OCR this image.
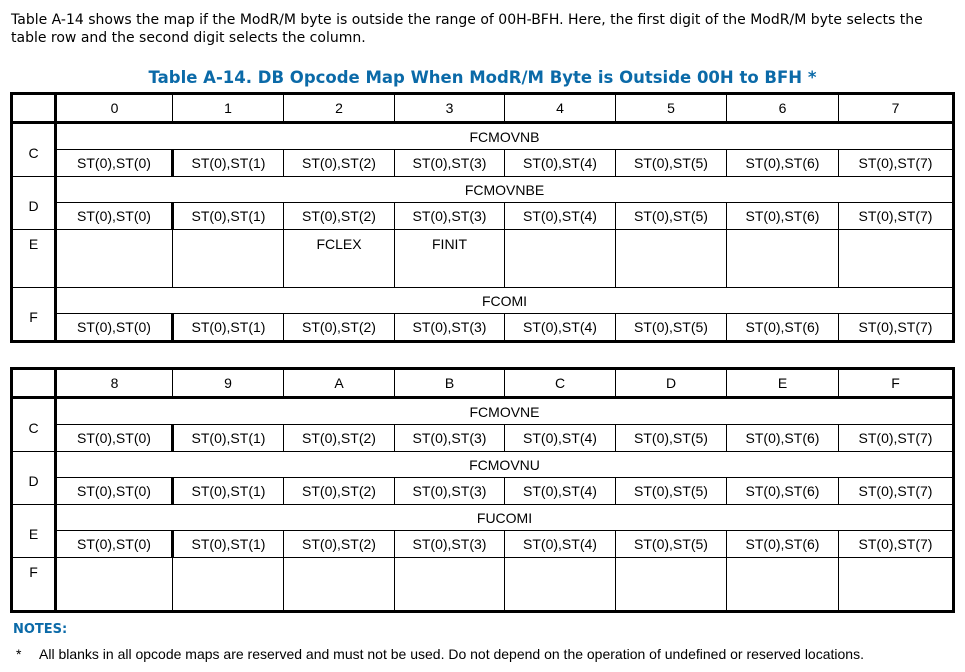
Table A-14 shows the map if the ModR/M byte is outside the range of 00H-BFH. Here, the first digit of the ModR/M byte selects the table row and the second digit selects the column.
Table A-14. DB Opcode Map When ModR/M Byte is Outside 00H to BFH *
	0	1	2	3	4	5	6	7
C	FCMOVNB							
	ST(0),ST(0)	ST(0),ST(1)	ST(0),ST(2)	ST(0),ST(3)	ST(0),ST(4)	ST(0),ST(5)	ST(0),ST(6)	ST(0),ST(7)
D	FCMOVNBE							
	ST(0),ST(0)	ST(0),ST(1)	ST(0),ST(2)	ST(0),ST(3)	ST(0),ST(4)	ST(0),ST(5)	ST(0),ST(6)	ST(0),ST(7)
E			FCLEX	FINIT				
F	FCOMI							
	ST(0),ST(0)	ST(0),ST(1)	ST(0),ST(2)	ST(0),ST(3)	ST(0),ST(4)	ST(0),ST(5)	ST(0),ST(6)	ST(0),ST(7)
	8	9	A	B	C	D	E	F
C	FCMOVNE							
	ST(0),ST(0)	ST(0),ST(1)	ST(0),ST(2)	ST(0),ST(3)	ST(0),ST(4)	ST(0),ST(5)	ST(0),ST(6)	ST(0),ST(7)
D	FCMOVNU							
	ST(0),ST(0)	ST(0),ST(1)	ST(0),ST(2)	ST(0),ST(3)	ST(0),ST(4)	ST(0),ST(5)	ST(0),ST(6)	ST(0),ST(7)
E	FUCOMI							
	ST(0),ST(0)	ST(0),ST(1)	ST(0),ST(2)	ST(0),ST(3)	ST(0),ST(4)	ST(0),ST(5)	ST(0),ST(6)	ST(0),ST(7)
F								
NOTES:
* All blanks in all opcode maps are reserved and must not be used. Do not depend on the operation of undefined or reserved locations.
